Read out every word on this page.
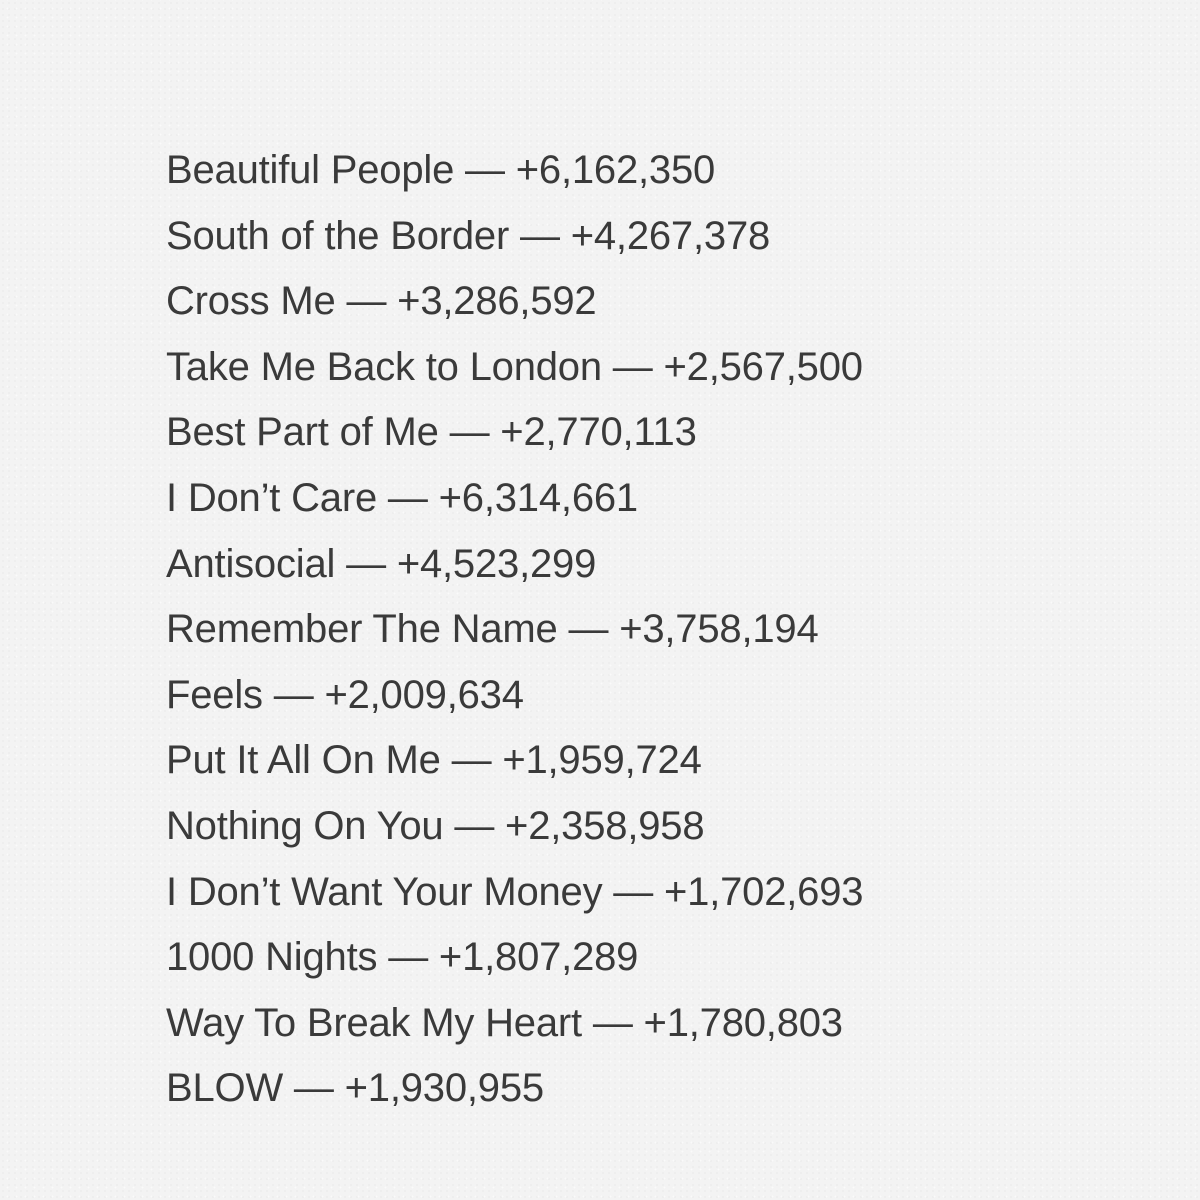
Beautiful People — +6,162,350
South of the Border — +4,267,378
Cross Me — +3,286,592
Take Me Back to London — +2,567,500
Best Part of Me — +2,770,113
I Don’t Care — +6,314,661
Antisocial — +4,523,299
Remember The Name — +3,758,194
Feels — +2,009,634
Put It All On Me — +1,959,724
Nothing On You — +2,358,958
I Don’t Want Your Money — +1,702,693
1000 Nights — +1,807,289
Way To Break My Heart — +1,780,803
BLOW — +1,930,955
